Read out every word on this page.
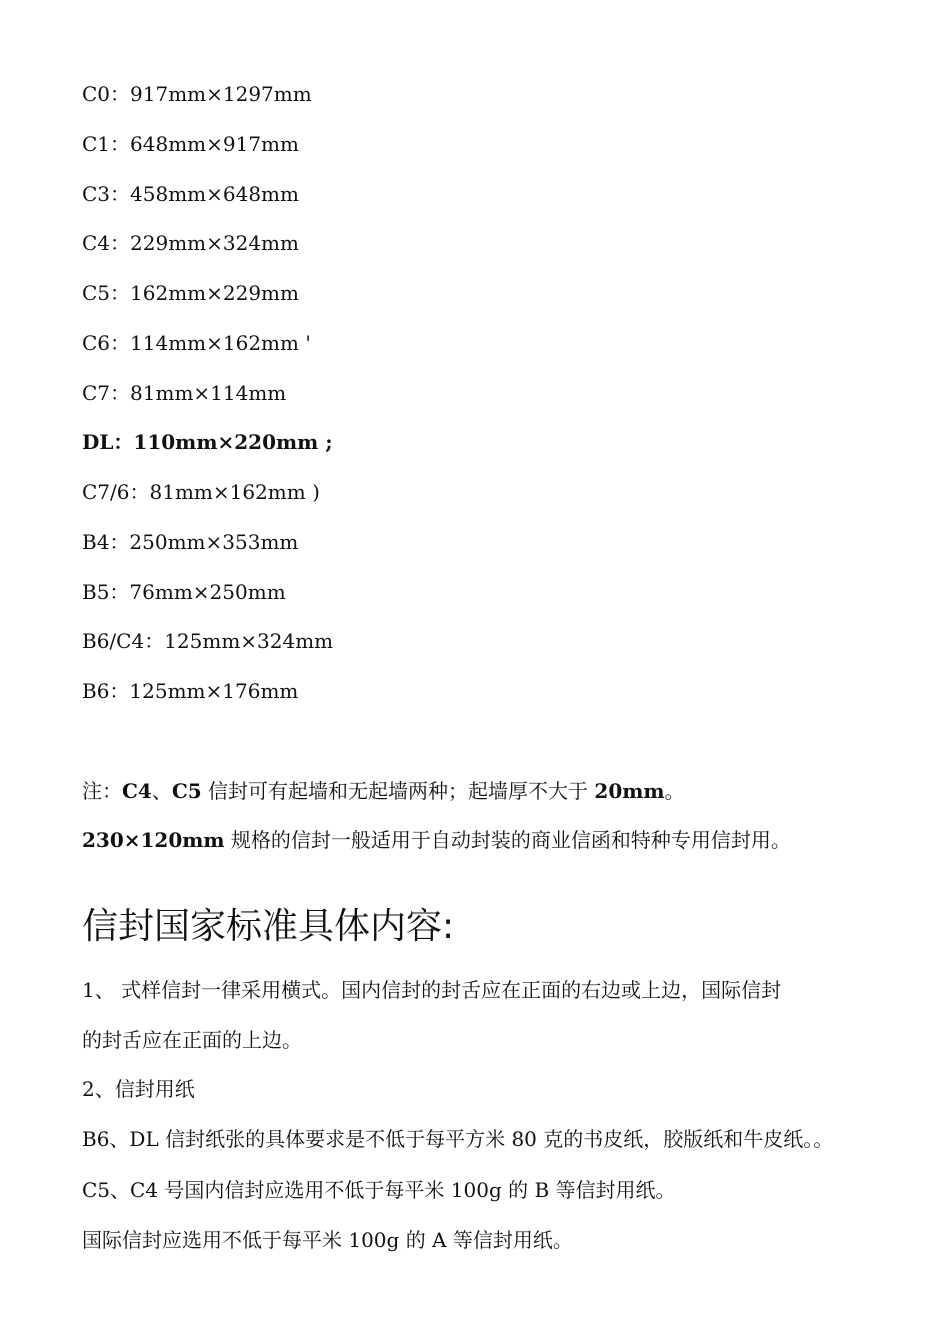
C0：917mm×1297mm
C1：648mm×917mm
C3：458mm×648mm
C4：229mm×324mm
C5：162mm×229mm
C6：114mm×162mm '
C7：81mm×114mm
DL：110mm×220mm ;
C7/6：81mm×162mm )
B4：250mm×353mm
B5：76mm×250mm
B6/C4：125mm×324mm
B6：125mm×176mm
注：C4、C5 信封可有起墙和无起墙两种；起墙厚不大于 20mm。
230×120mm 规格的信封一般适用于自动封装的商业信函和特种专用信封用。
信封国家标准具体内容:
1、 式样信封一律采用横式。国内信封的封舌应在正面的右边或上边，国际信封
的封舌应在正面的上边。
2、信封用纸
B6、DL 信封纸张的具体要求是不低于每平方米 80 克的书皮纸，胶版纸和牛皮纸。。
C5、C4 号国内信封应选用不低于每平米 100g 的 B 等信封用纸。
国际信封应选用不低于每平米 100g 的 A 等信封用纸。
